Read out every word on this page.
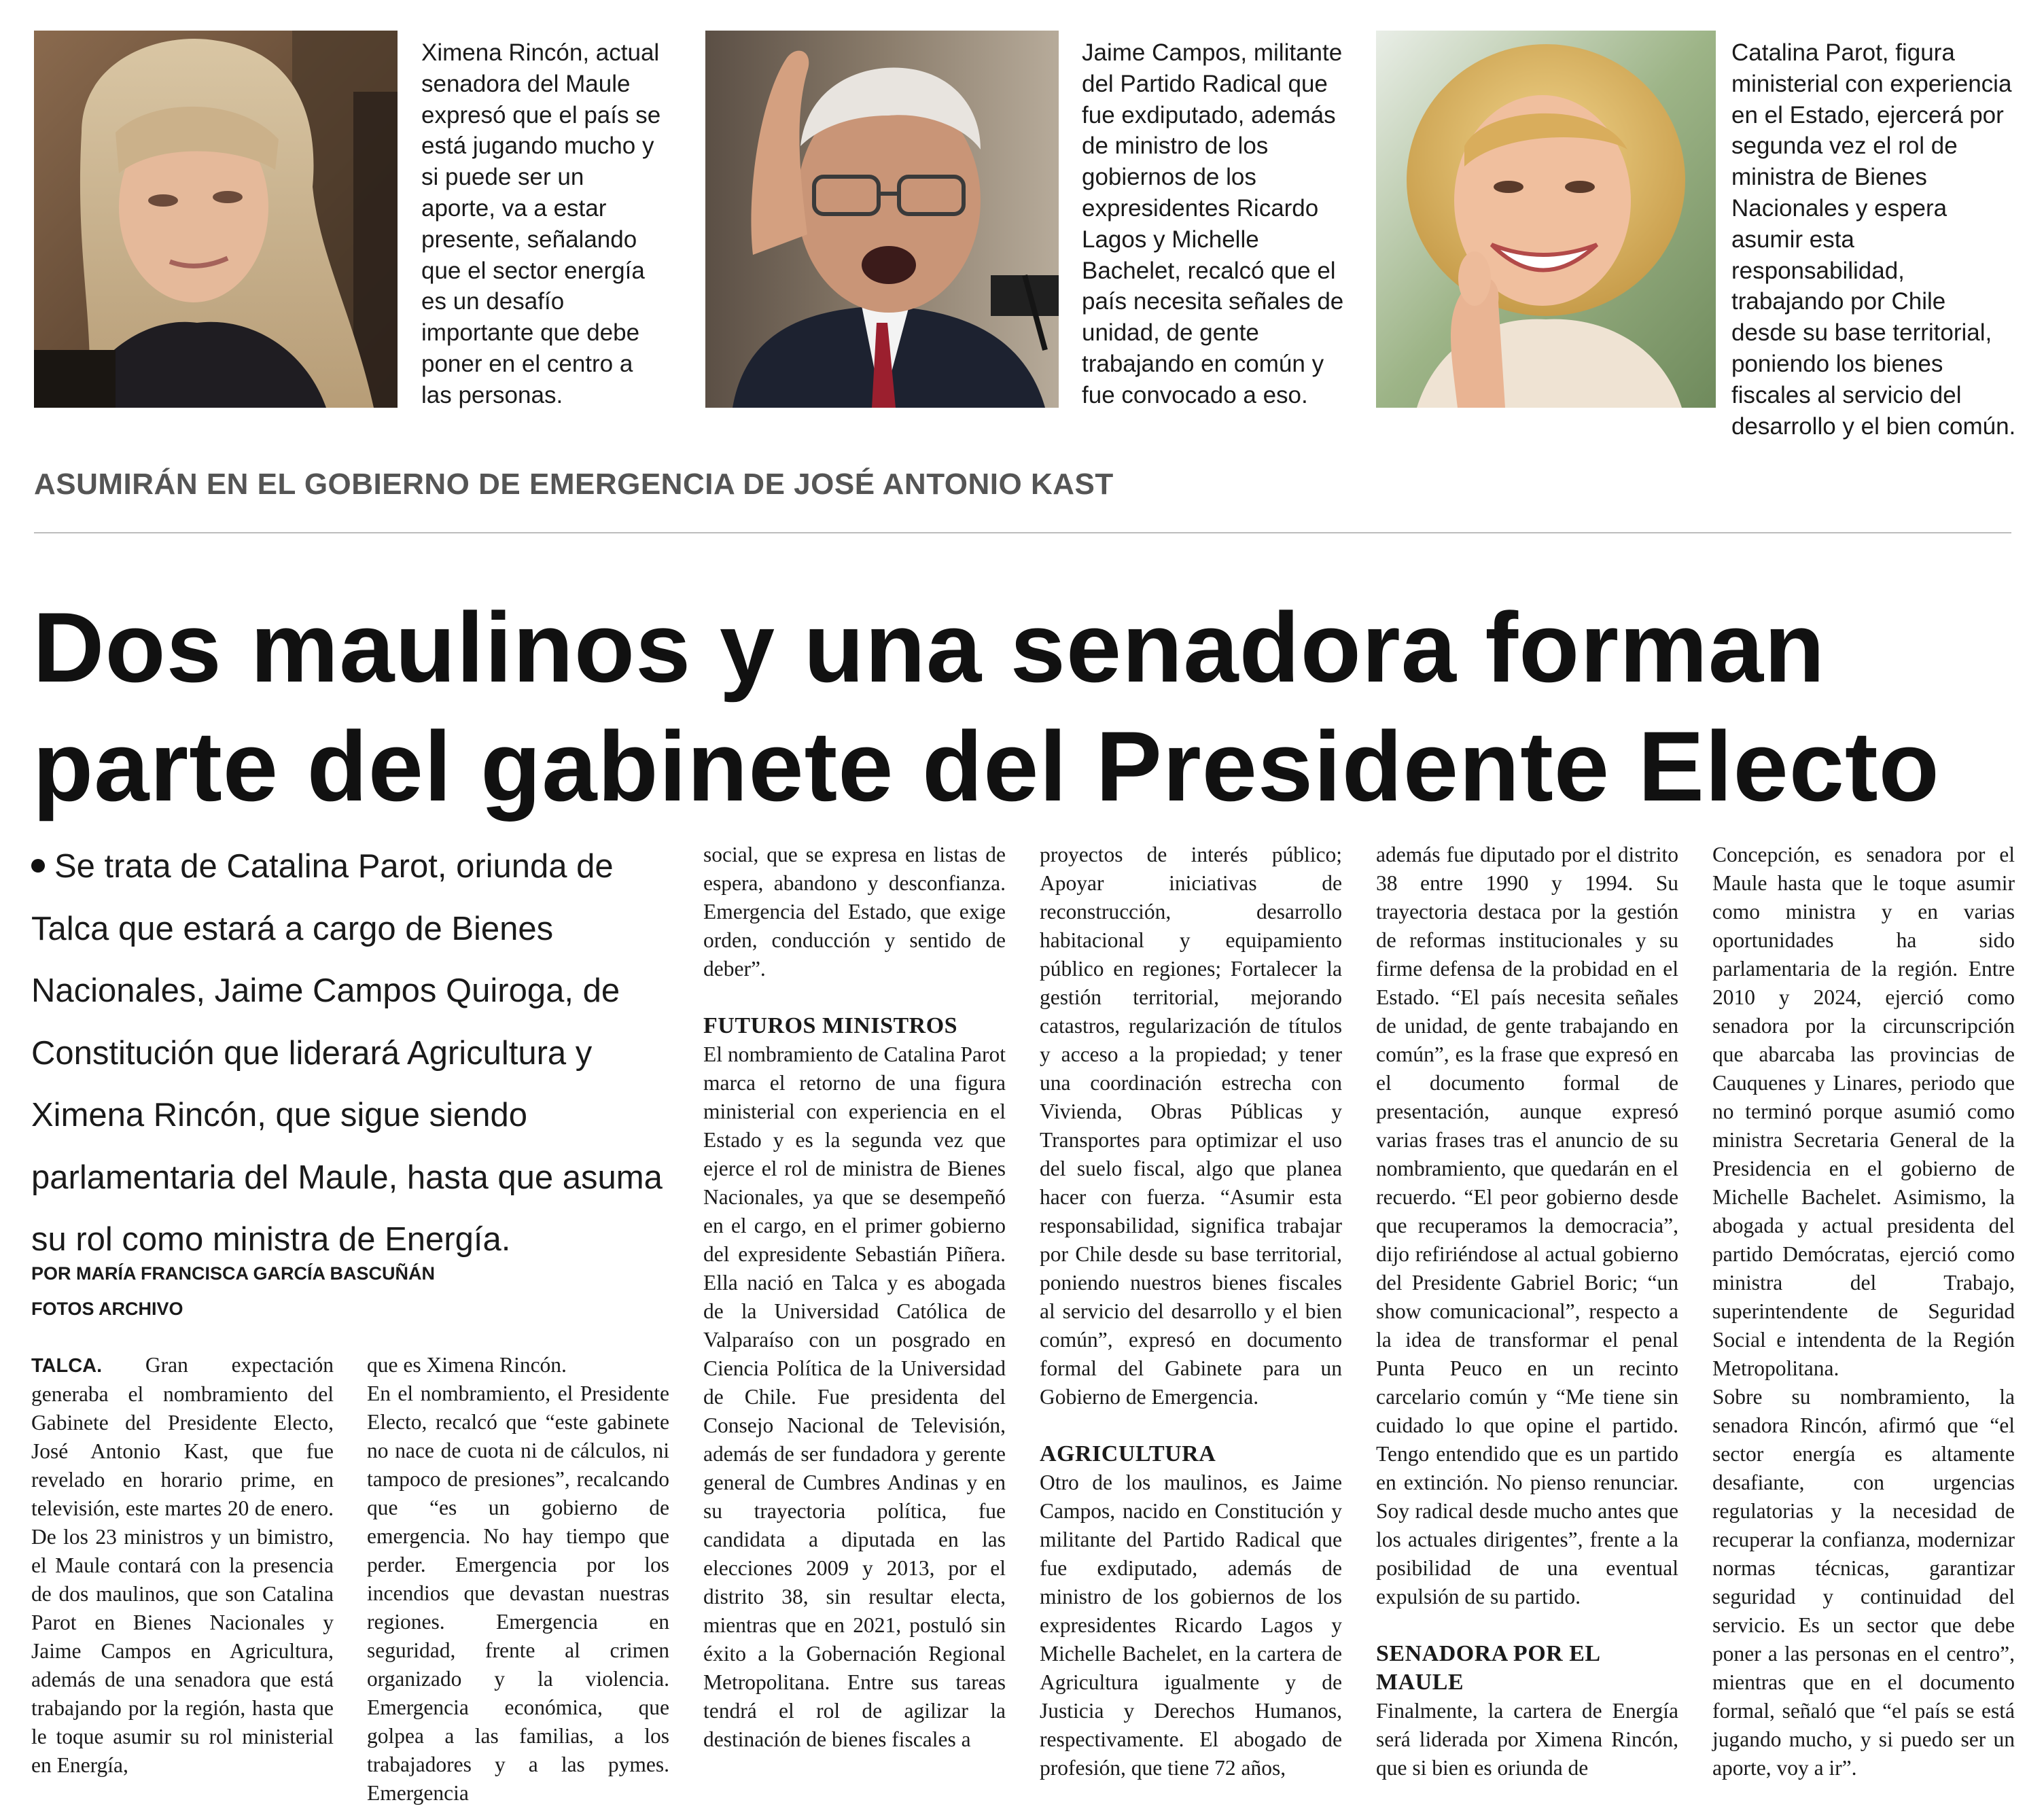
Ximena Rincón, actual senadora del Maule expresó que el país se está jugando mucho y si puede ser un aporte, va a estar presente, señalando que el sector energía es un desafío importante que debe poner en el centro a las personas.
Jaime Campos, militante del Partido Radical que fue exdiputado, además de ministro de los gobiernos de los expresidentes Ricardo Lagos y Michelle Bachelet, recalcó que el país necesita señales de unidad, de gente trabajando en común y fue convocado a eso.
Catalina Parot, figura ministerial con experiencia en el Estado, ejercerá por segunda vez el rol de ministra de Bienes Nacionales y espera asumir esta responsabilidad, trabajando por Chile desde su base territorial, poniendo los bienes fiscales al servicio del desarrollo y el bien común.
ASUMIRÁN EN EL GOBIERNO DE EMERGENCIA DE JOSÉ ANTONIO KAST
Dos maulinos y una senadora forman
parte del gabinete del Presidente Electo
Se trata de Catalina Parot, oriunda de Talca que estará a cargo de Bienes Nacionales, Jaime Campos Quiroga, de Constitución que liderará Agricultura y Ximena Rincón, que sigue siendo parlamentaria del Maule, hasta que asuma su rol como ministra de Energía.
POR MARÍA FRANCISCA GARCÍA BASCUÑÁN
FOTOS ARCHIVO

TALCA. Gran expectación generaba el nombramiento del Gabinete del Presidente Electo, José Antonio Kast, que fue revelado en horario prime, en televisión, este martes 20 de enero. De los 23 ministros y un bimistro, el Maule contará con la presencia de dos maulinos, que son Catalina Parot en Bienes Nacionales y Jaime Campos en Agricultura, además de una senadora que está trabajando por la región, hasta que le toque asumir su rol ministerial en Energía,

que es Ximena Rincón.

En el nombramiento, el Presidente Electo, recalcó que “este gabinete no nace de cuota ni de cálculos, ni tampoco de presiones”, recalcando que “es un gobierno de emergencia. No hay tiempo que perder. Emergencia por los incendios que devastan nuestras regiones. Emergencia en seguridad, frente al crimen organizado y la violencia. Emergencia económica, que golpea a las familias, a los trabajadores y a las pymes. Emergencia

social, que se expresa en listas de espera, abandono y desconfianza. Emergencia del Estado, que exige orden, conducción y sentido de deber”.

FUTUROS MINISTROS

El nombramiento de Catalina Parot marca el retorno de una figura ministerial con experiencia en el Estado y es la segunda vez que ejerce el rol de ministra de Bienes Nacionales, ya que se desempeñó en el cargo, en el primer gobierno del expresidente Sebastián Piñera. Ella nació en Talca y es abogada de la Universidad Católica de Valparaíso con un posgrado en Ciencia Política de la Universidad de Chile. Fue presidenta del Consejo Nacional de Televisión, además de ser fundadora y gerente general de Cumbres Andinas y en su trayectoria política, fue candidata a diputada en las elecciones 2009 y 2013, por el distrito 38, sin resultar electa, mientras que en 2021, postuló sin éxito a la Gobernación Regional Metropolitana. Entre sus tareas tendrá el rol de agilizar la destinación de bienes fiscales a

proyectos de interés público; Apoyar iniciativas de reconstrucción, desarrollo habitacional y equipamiento público en regiones; Fortalecer la gestión territorial, mejorando catastros, regularización de títulos y acceso a la propiedad; y tener una coordinación estrecha con Vivienda, Obras Públicas y Transportes para optimizar el uso del suelo fiscal, algo que planea hacer con fuerza. “Asumir esta responsabilidad, significa trabajar por Chile desde su base territorial, poniendo nuestros bienes fiscales al servicio del desarrollo y el bien común”, expresó en documento formal del Gabinete para un Gobierno de Emergencia.

AGRICULTURA

Otro de los maulinos, es Jaime Campos, nacido en Constitución y militante del Partido Radical que fue exdiputado, además de ministro de los gobiernos de los expresidentes Ricardo Lagos y Michelle Bachelet, en la cartera de Agricultura igualmente y de Justicia y Derechos Humanos, respectivamente. El abogado de profesión, que tiene 72 años,

además fue diputado por el distrito 38 entre 1990 y 1994. Su trayectoria destaca por la gestión de reformas institucionales y su firme defensa de la probidad en el Estado. “El país necesita señales de unidad, de gente trabajando en común”, es la frase que expresó en el documento formal de presentación, aunque expresó varias frases tras el anuncio de su nombramiento, que quedarán en el recuerdo. “El peor gobierno desde que recuperamos la democracia”, dijo refiriéndose al actual gobierno del Presidente Gabriel Boric; “un show comunicacional”, respecto a la idea de transformar el penal Punta Peuco en un recinto carcelario común y “Me tiene sin cuidado lo que opine el partido. Tengo entendido que es un partido en extinción. No pienso renunciar. Soy radical desde mucho antes que los actuales dirigentes”, frente a la posibilidad de una eventual expulsión de su partido.

SENADORA POR EL MAULE

Finalmente, la cartera de Energía será liderada por Ximena Rincón, que si bien es oriunda de

Concepción, es senadora por el Maule hasta que le toque asumir como ministra y en varias oportunidades ha sido parlamentaria de la región. Entre 2010 y 2024, ejerció como senadora por la circunscripción que abarcaba las provincias de Cauquenes y Linares, periodo que no terminó porque asumió como ministra Secretaria General de la Presidencia en el gobierno de Michelle Bachelet. Asimismo, la abogada y actual presidenta del partido Demócratas, ejerció como ministra del Trabajo, superintendente de Seguridad Social e intendenta de la Región Metropolitana.

Sobre su nombramiento, la senadora Rincón, afirmó que “el sector energía es altamente desafiante, con urgencias regulatorias y la necesidad de recuperar la confianza, modernizar normas técnicas, garantizar seguridad y continuidad del servicio. Es un sector que debe poner a las personas en el centro”, mientras que en el documento formal, señaló que “el país se está jugando mucho, y si puedo ser un aporte, voy a ir”.
